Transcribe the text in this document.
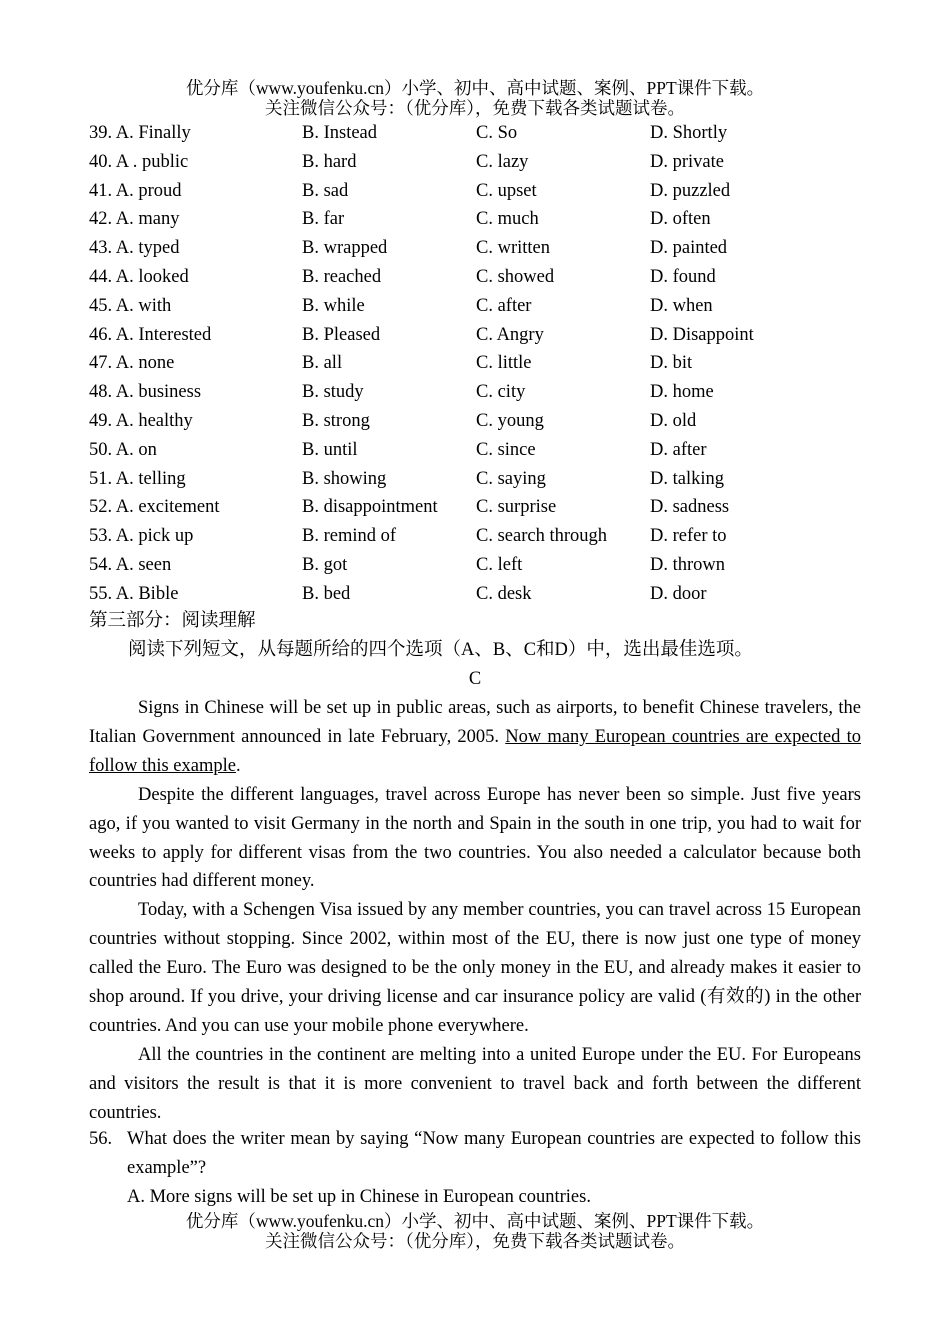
优分库（www.youfenku.cn）小学、初中、高中试题、案例、PPT课件下载。
关注微信公众号：（优分库），免费下载各类试题试卷。
39. A. Finally	B. Instead	C. So	D. Shortly
40. A . public	B. hard	C. lazy	D. private
41. A. proud	B. sad	C. upset	D. puzzled
42. A. many	B. far	C. much	D. often
43. A. typed	B. wrapped	C. written	D. painted
44. A. looked	B. reached	C. showed	D. found
45. A. with	B. while	C. after	D. when
46. A. Interested	B. Pleased	C. Angry	D. Disappoint
47. A. none	B. all	C. little	D. bit
48. A. business	B. study	C. city	D. home
49. A. healthy	B. strong	C. young	D. old
50. A. on	B. until	C. since	D. after
51. A. telling	B. showing	C. saying	D. talking
52. A. excitement	B. disappointment C. surprise	D. sadness
53. A. pick up	B. remind of	C. search through D. refer to
54. A. seen	B. got	C. left	D. thrown
55. A. Bible	B. bed	C. desk	D. door
第三部分：阅读理解
阅读下列短文，从每题所给的四个选项（A、B、C和D）中，选出最佳选项。
C

Signs in Chinese will be set up in public areas, such as airports, to benefit Chinese travelers, the Italian Government announced in late February, 2005. Now many European countries are expected to follow this example.

Despite the different languages, travel across Europe has never been so simple. Just five years ago, if you wanted to visit Germany in the north and Spain in the south in one trip, you had to wait for weeks to apply for different visas from the two countries. You also needed a calculator because both countries had different money.

Today, with a Schengen Visa issued by any member countries, you can travel across 15 European countries without stopping. Since 2002, within most of the EU, there is now just one type of money called the Euro. The Euro was designed to be the only money in the EU, and already makes it easier to shop around. If you drive, your driving license and car insurance policy are valid (有效的) in the other countries. And you can use your mobile phone everywhere.

All the countries in the continent are melting into a united Europe under the EU. For Europeans and visitors the result is that it is more convenient to travel back and forth between the different countries.

56. What does the writer mean by saying “Now many European countries are expected to follow this example”?
A. More signs will be set up in Chinese in European countries.
优分库（www.youfenku.cn）小学、初中、高中试题、案例、PPT课件下载。
关注微信公众号：（优分库），免费下载各类试题试卷。
